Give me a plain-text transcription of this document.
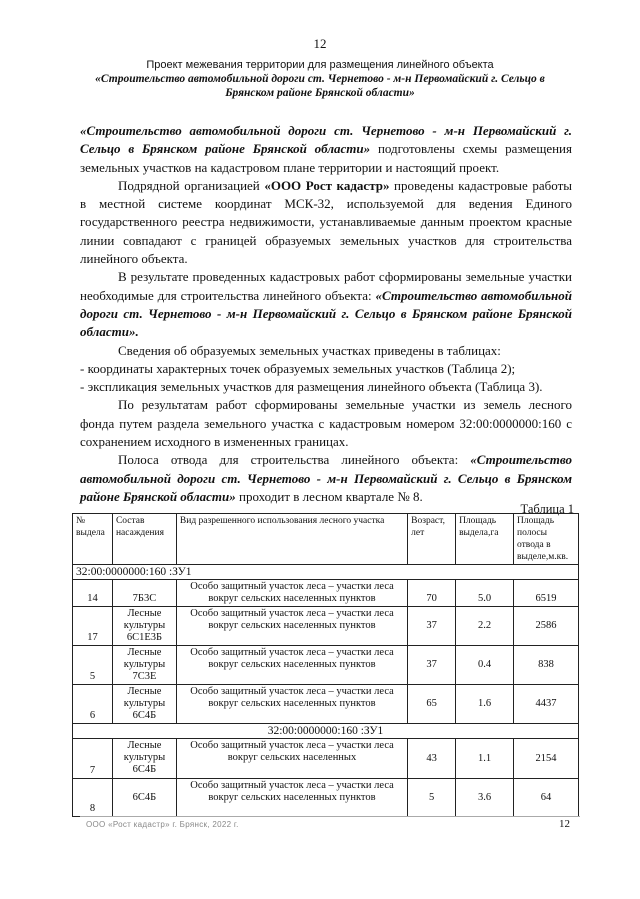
12
Проект межевания территории для размещения линейного объекта
«Строительство автомобильной дороги ст. Чернетово - м-н Первомайский г. Сельцо в
Брянском районе Брянской области»

«Строительство автомобильной дороги ст. Чернетово - м-н Первомайский г. Сельцо в Брянском районе Брянской области» подготовлены схемы размещения земельных участков на кадастровом плане территории и настоящий проект.

Подрядной организацией «ООО Рост кадастр» проведены кадастровые работы в местной системе координат МСК-32, используемой для ведения Единого государственного реестра недвижимости, устанавливаемые данным проектом красные линии совпадают с границей образуемых земельных участков для строительства линейного объекта.

В результате проведенных кадастровых работ сформированы земельные участки необходимые для строительства линейного объекта: «Строительство автомобильной дороги ст. Чернетово - м-н Первомайский г. Сельцо в Брянском районе Брянской области».

Сведения об образуемых земельных участках приведены в таблицах:

- координаты характерных точек образуемых земельных участков (Таблица 2);

- экспликация земельных участков для размещения линейного объекта (Таблица 3).

По результатам работ сформированы земельные участки из земель лесного фонда путем раздела земельного участка с кадастровым номером 32:00:0000000:160 с сохранением исходного в измененных границах.

Полоса отвода для строительства линейного объекта: «Строительство автомобильной дороги ст. Чернетово - м-н Первомайский г. Сельцо в Брянском районе Брянской области» проходит в лесном квартале № 8.

Таблица 1
№ выдела	Состав насаждения	Вид разрешенного использования лесного участка	Возраст, лет	Площадь выдела,га	Площадь полосы отвода в выделе,м.кв.
32:00:0000000:160 :ЗУ1					
14	7Б3С	Особо защитный участок леса – участки леса вокруг сельских населенных пунктов	70	5.0	6519
17	Лесные культуры 6С1Е3Б	Особо защитный участок леса – участки леса вокруг сельских населенных пунктов	37	2.2	2586
5	Лесные культуры 7С3Е	Особо защитный участок леса – участки леса вокруг сельских населенных пунктов	37	0.4	838
6	Лесные культуры 6С4Б	Особо защитный участок леса – участки леса вокруг сельских населенных пунктов	65	1.6	4437
32:00:0000000:160 :ЗУ1					
7	Лесные культуры 6С4Б	Особо защитный участок леса – участки леса вокруг сельских населенных	43	1.1	2154
8	6С4Б	Особо защитный участок леса – участки леса вокруг сельских населенных пунктов	5	3.6	64
ООО «Рост кадастр» г. Брянск, 2022 г.	12
